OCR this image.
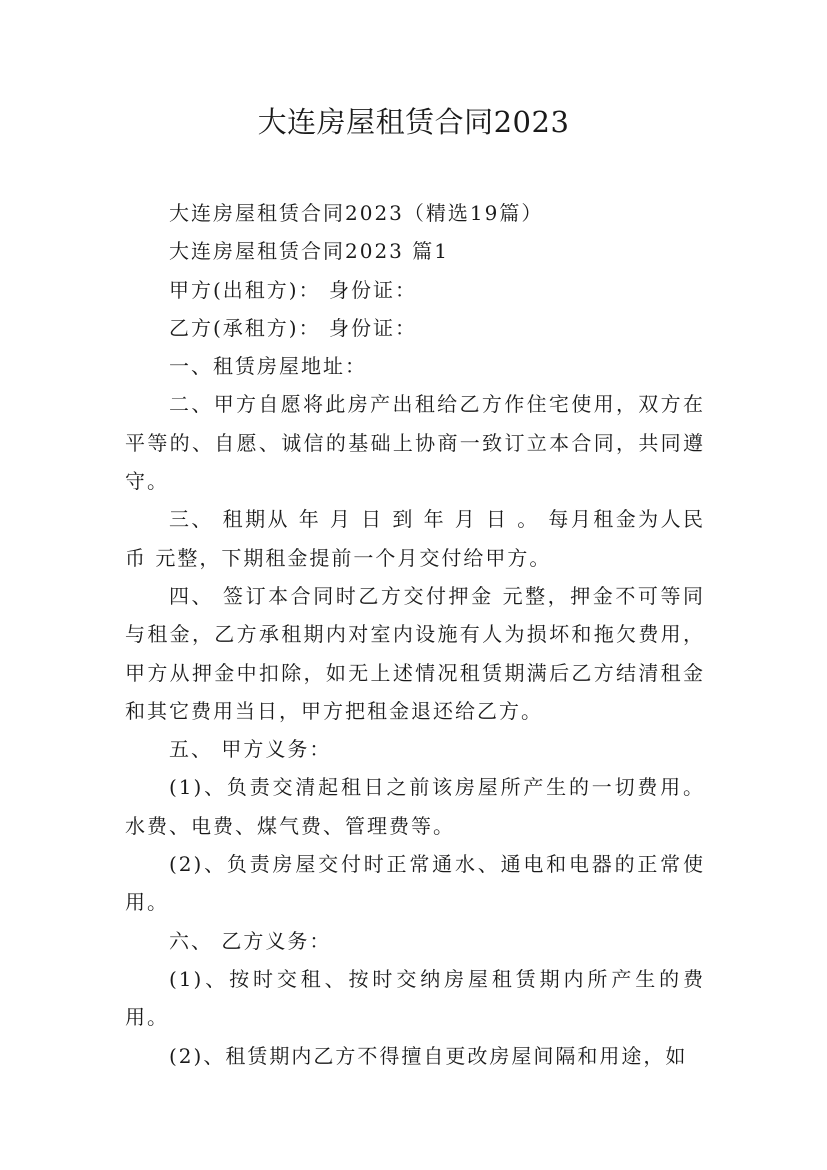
大连房屋租赁合同2023

大连房屋租赁合同2023（精选19篇）

大连房屋租赁合同2023 篇1

甲方(出租方)： 身份证：

乙方(承租方)： 身份证：

一、租赁房屋地址：

二、甲方自愿将此房产出租给乙方作住宅使用，双方在平等的、自愿、诚信的基础上协商一致订立本合同，共同遵守。

三、 租期从 年 月 日 到 年 月 日 。 每月租金为人民币 元整，下期租金提前一个月交付给甲方。

四、 签订本合同时乙方交付押金 元整，押金不可等同与租金，乙方承租期内对室内设施有人为损坏和拖欠费用，甲方从押金中扣除，如无上述情况租赁期满后乙方结清租金和其它费用当日，甲方把租金退还给乙方。

五、 甲方义务：

(1)、负责交清起租日之前该房屋所产生的一切费用。水费、电费、煤气费、管理费等。

(2)、负责房屋交付时正常通水、通电和电器的正常使用。

六、 乙方义务：

(1)、按时交租、按时交纳房屋租赁期内所产生的费用。

(2)、租赁期内乙方不得擅自更改房屋间隔和用途，如
